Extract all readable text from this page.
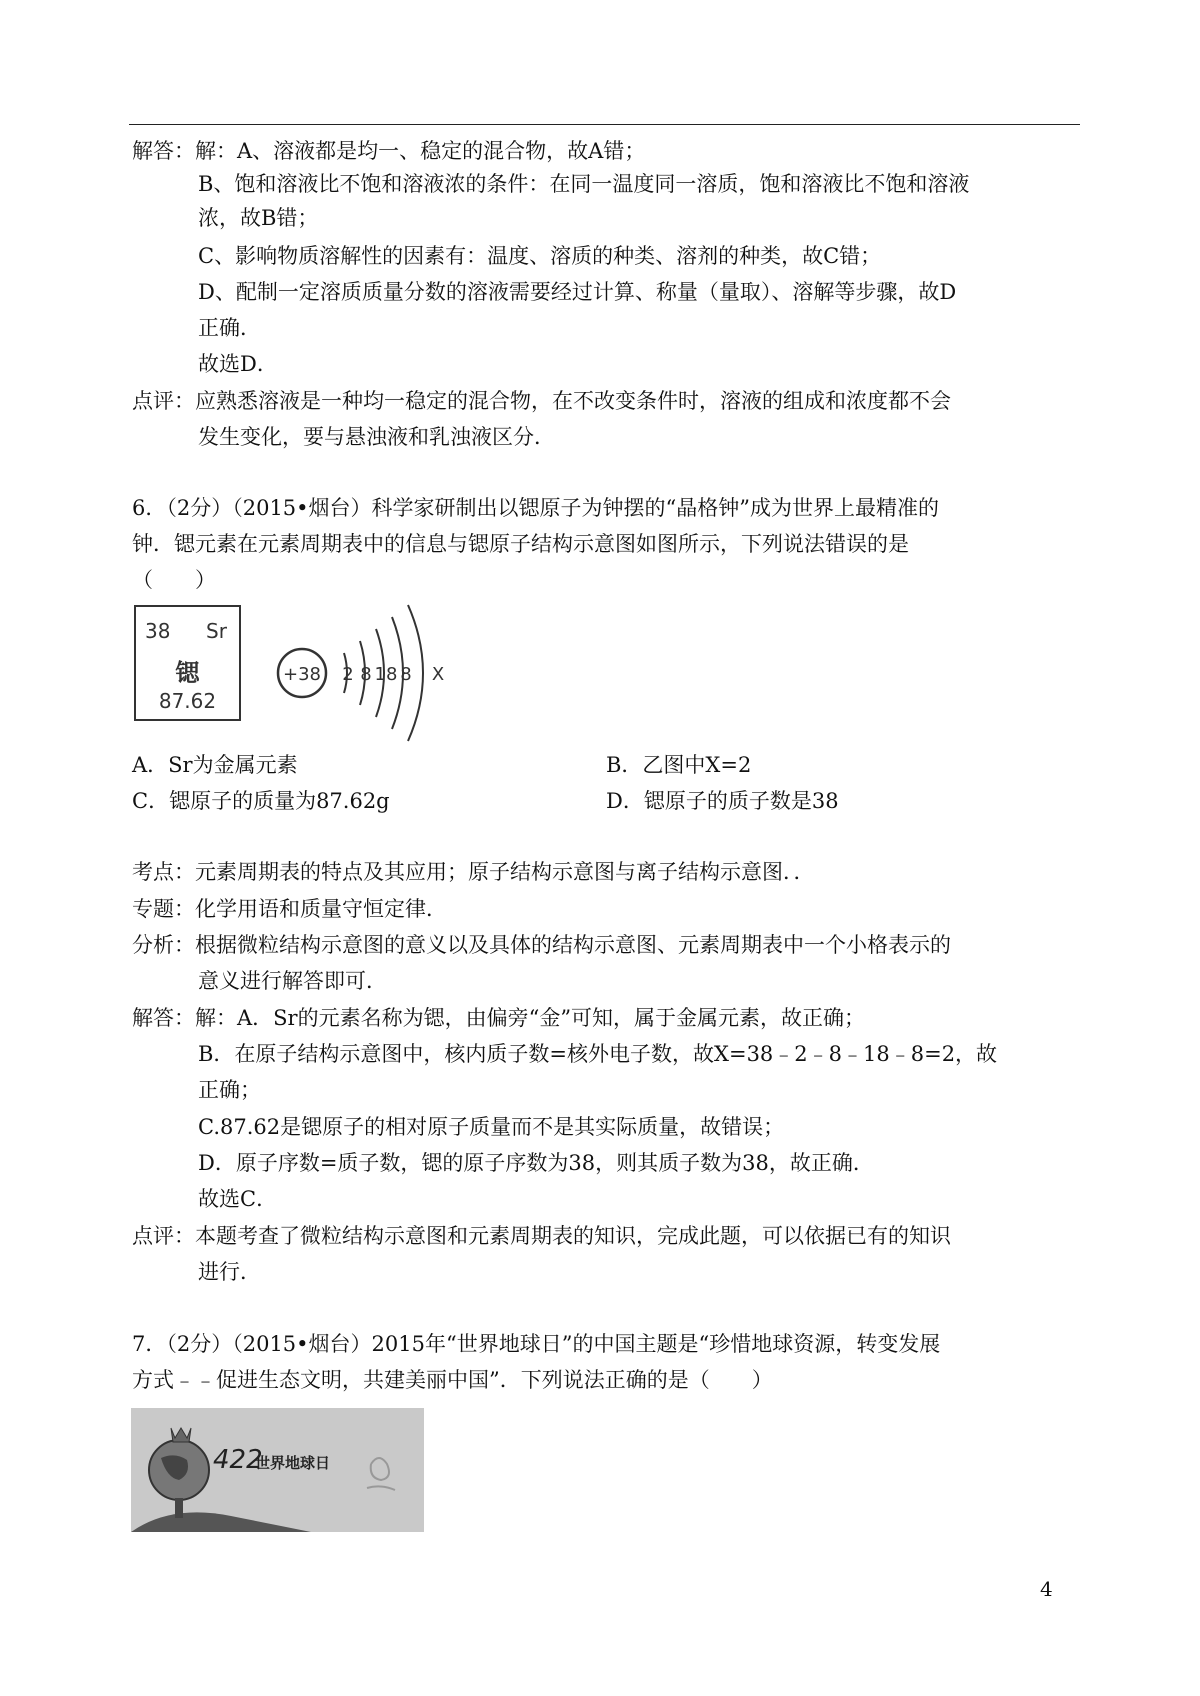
解答：解：A、溶液都是均一、稳定的混合物，故A错；
B、饱和溶液比不饱和溶液浓的条件：在同一温度同一溶质，饱和溶液比不饱和溶液
浓，故B错；
C、影响物质溶解性的因素有：温度、溶质的种类、溶剂的种类，故C错；
D、配制一定溶质质量分数的溶液需要经过计算、称量（量取）、溶解等步骤，故D
正确．
故选D．
点评：应熟悉溶液是一种均一稳定的混合物，在不改变条件时，溶液的组成和浓度都不会
发生变化，要与悬浊液和乳浊液区分．
6．（2分）（2015•烟台）科学家研制出以锶原子为钟摆的“晶格钟”成为世界上最精准的
钟．锶元素在元素周期表中的信息与锶原子结构示意图如图所示，下列说法错误的是
（　　）
38 Sr
锶
87.62
+38 2 8 18 8 X
A．Sr为金属元素	B．乙图中X=2
C．锶原子的质量为87.62g	D．锶原子的质子数是38
考点：元素周期表的特点及其应用；原子结构示意图与离子结构示意图．．
专题：化学用语和质量守恒定律．
分析：根据微粒结构示意图的意义以及具体的结构示意图、元素周期表中一个小格表示的
意义进行解答即可．
解答：解：A．Sr的元素名称为锶，由偏旁“金”可知，属于金属元素，故正确；
B．在原子结构示意图中，核内质子数=核外电子数，故X=38﹣2﹣8﹣18﹣8=2，故
正确；
C.87.62是锶原子的相对原子质量而不是其实际质量，故错误；
D．原子序数=质子数，锶的原子序数为38，则其质子数为38，故正确．
故选C．
点评：本题考查了微粒结构示意图和元素周期表的知识，完成此题，可以依据已有的知识
进行．
7．（2分）（2015•烟台）2015年“世界地球日”的中国主题是“珍惜地球资源，转变发展
方式﹣﹣促进生态文明，共建美丽中国”．下列说法正确的是（　　）
422
世界地球日
4
